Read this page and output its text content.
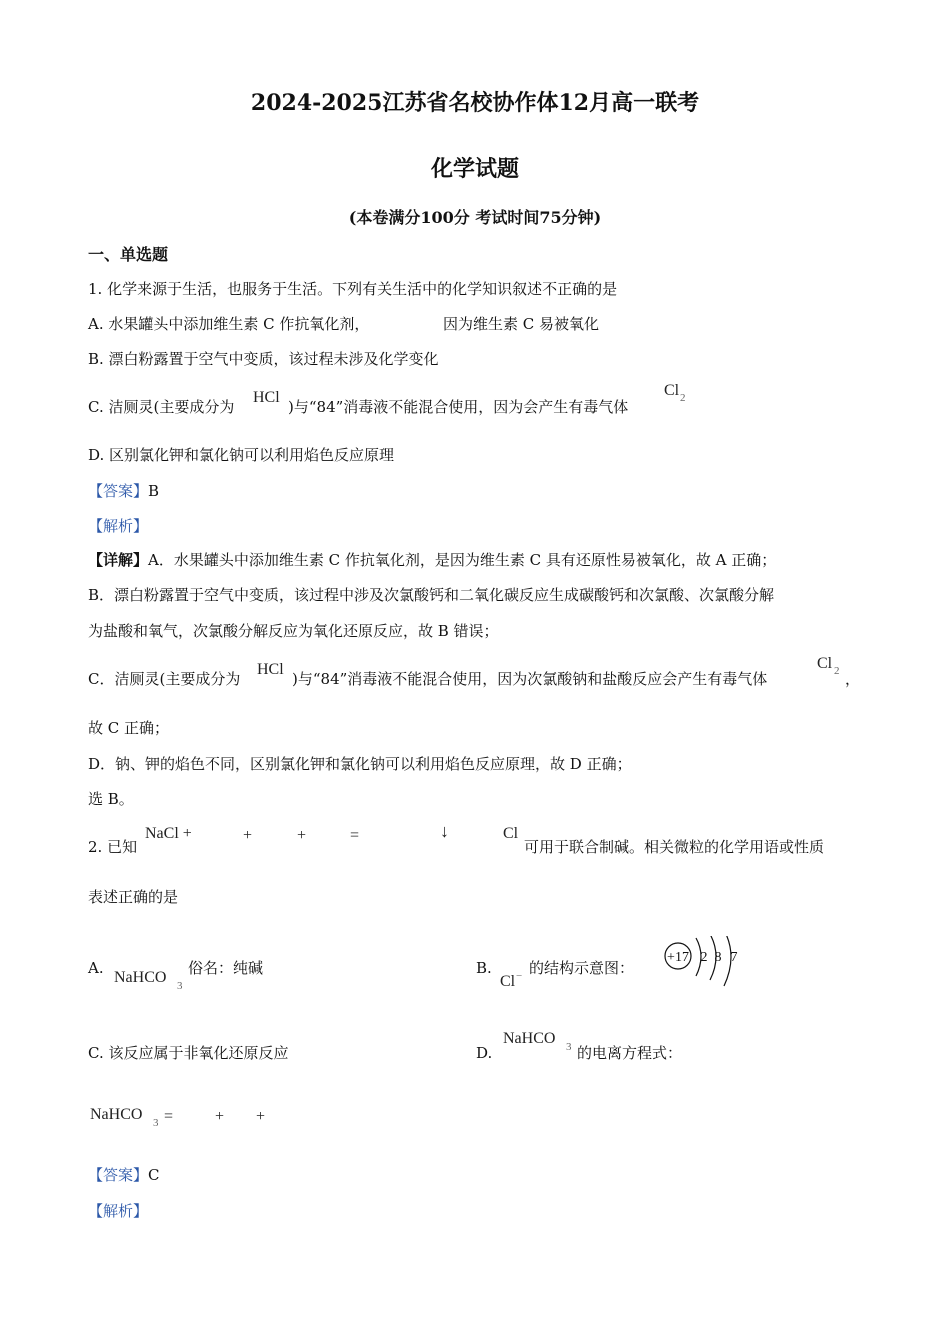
2024-2025江苏省名校协作体12月高一联考
化学试题
(本卷满分100分 考试时间75分钟)
一、单选题
1. 化学来源于生活，也服务于生活。下列有关生活中的化学知识叙述不正确的是
A. 水果罐头中添加维生素 C 作抗氧化剂，	因为维生素 C 易被氧化
B. 漂白粉露置于空气中变质，该过程未涉及化学变化
C. 洁厕灵(主要成分为
HCl
)与“84”消毒液不能混合使用，因为会产生有毒气体
Cl 2
D. 区别氯化钾和氯化钠可以利用焰色反应原理
【答案】B
【解析】
【详解】A．水果罐头中添加维生素 C 作抗氧化剂，是因为维生素 C 具有还原性易被氧化，故 A 正确；
B．漂白粉露置于空气中变质，该过程中涉及次氯酸钙和二氧化碳反应生成碳酸钙和次氯酸、次氯酸分解
为盐酸和氧气，次氯酸分解反应为氧化还原反应，故 B 错误；
C．洁厕灵(主要成分为
HCl
)与“84”消毒液不能混合使用，因为次氯酸钠和盐酸反应会产生有毒气体
Cl 2 ，
故 C 正确；
D．钠、钾的焰色不同，区别氯化钾和氯化钠可以利用焰色反应原理，故 D 正确；
选 B。
2. 已知
NaCl +	+	+	=	↓	Cl
可用于联合制碱。相关微粒的化学用语或性质
表述正确的是
A.
NaHCO 3
俗名：纯碱	B.
Cl − 的结构示意图：
+17 2 8 7
C. 该反应属于非氧化还原反应	D.
NaHCO 3 的电离方程式：
NaHCO 3 =	+ +
【答案】C
【解析】
